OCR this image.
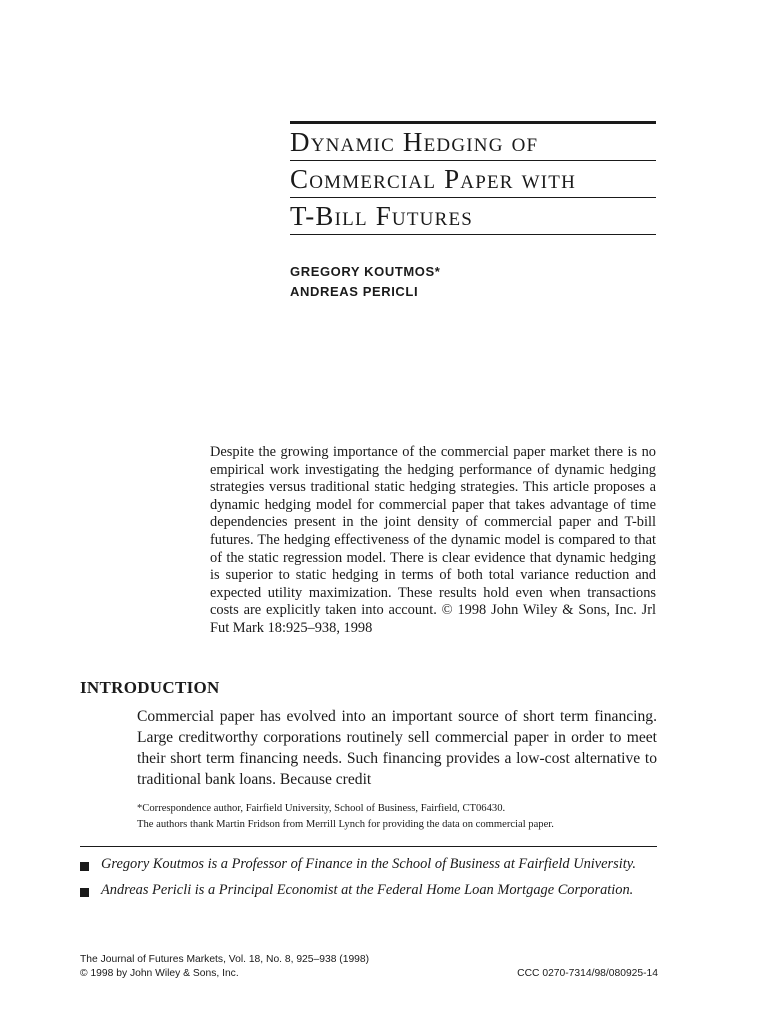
Dynamic Hedging of
Commercial Paper with
T-Bill Futures
GREGORY KOUTMOS*
ANDREAS PERICLI
Despite the growing importance of the commercial paper market there is no empirical work investigating the hedging performance of dynamic hedging strategies versus traditional static hedging strategies. This article proposes a dynamic hedging model for commercial paper that takes advantage of time dependencies present in the joint density of commercial paper and T-bill futures. The hedging effectiveness of the dynamic model is compared to that of the static regression model. There is clear evidence that dynamic hedging is superior to static hedging in terms of both total variance reduction and expected utility maximization. These results hold even when transactions costs are explicitly taken into account. © 1998 John Wiley & Sons, Inc. Jrl Fut Mark 18:925–938, 1998
INTRODUCTION
Commercial paper has evolved into an important source of short term financing. Large creditworthy corporations routinely sell commercial paper in order to meet their short term financing needs. Such financing provides a low-cost alternative to traditional bank loans. Because credit
*Correspondence author, Fairfield University, School of Business, Fairfield, CT06430.
The authors thank Martin Fridson from Merrill Lynch for providing the data on commercial paper.
Gregory Koutmos is a Professor of Finance in the School of Business at Fairfield University.
Andreas Pericli is a Principal Economist at the Federal Home Loan Mortgage Corporation.
The Journal of Futures Markets, Vol. 18, No. 8, 925–938 (1998)
© 1998 by John Wiley & Sons, Inc.	CCC 0270-7314/98/080925-14
